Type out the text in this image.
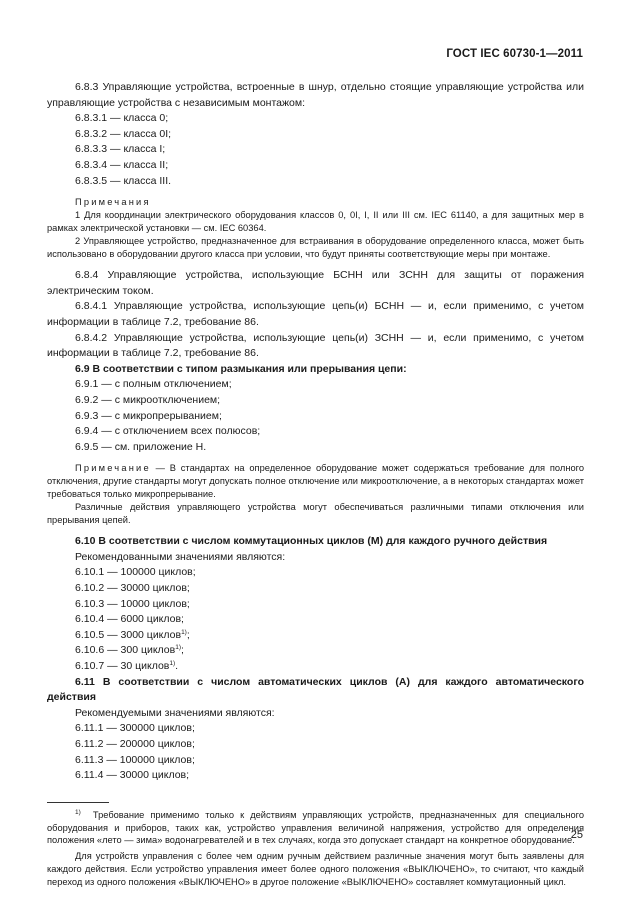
ГОСТ IEC 60730-1—2011

6.8.3 Управляющие устройства, встроенные в шнур, отдельно стоящие управляющие устройства или управляющие устройства с независимым монтажом:

6.8.3.1 — класса 0;

6.8.3.2 — класса 0I;

6.8.3.3 — класса I;

6.8.3.4 — класса II;

6.8.3.5 — класса III.

Примечания

1 Для координации электрического оборудования классов 0, 0I, I, II или III см. IEC 61140, а для защитных мер в рамках электрической установки — см. IEC 60364.

2 Управляющее устройство, предназначенное для встраивания в оборудование определенного класса, может быть использовано в оборудовании другого класса при условии, что будут приняты соответствующие меры при монтаже.

6.8.4 Управляющие устройства, использующие БСНН или ЗСНН для защиты от поражения электрическим током.

6.8.4.1 Управляющие устройства, использующие цепь(и) БСНН — и, если применимо, с учетом информации в таблице 7.2, требование 86.

6.8.4.2 Управляющие устройства, использующие цепь(и) ЗСНН — и, если применимо, с учетом информации в таблице 7.2, требование 86.

6.9 В соответствии с типом размыкания или прерывания цепи:

6.9.1 — с полным отключением;

6.9.2 — с микроотключением;

6.9.3 — с микропрерыванием;

6.9.4 — с отключением всех полюсов;

6.9.5 — см. приложение Н.

Примечание — В стандартах на определенное оборудование может содержаться требование для полного отключения, другие стандарты могут допускать полное отключение или микроотключение, а в некоторых стандартах может требоваться только микропрерывание.

Различные действия управляющего устройства могут обеспечиваться различными типами отключения или прерывания цепей.

6.10 В соответствии с числом коммутационных циклов (М) для каждого ручного действия

Рекомендованными значениями являются:

6.10.1 — 100000 циклов;

6.10.2 — 30000 циклов;

6.10.3 — 10000 циклов;

6.10.4 — 6000 циклов;

6.10.5 — 3000 циклов$^{1)}$;

6.10.6 — 300 циклов$^{1)}$;

6.10.7 — 30 циклов$^{1)}$.

6.11 В соответствии с числом автоматических циклов (А) для каждого автоматического действия

Рекомендуемыми значениями являются:

6.11.1 — 300000 циклов;

6.11.2 — 200000 циклов;

6.11.3 — 100000 циклов;

6.11.4 — 30000 циклов;

$^{1)}$ Требование применимо только к действиям управляющих устройств, предназначенных для специального оборудования и приборов, таких как, устройство управления величиной напряжения, устройство для определения положения «лето — зима» водонагревателей и в тех случаях, когда это допускает стандарт на конкретное оборудование.

Для устройств управления с более чем одним ручным действием различные значения могут быть заявлены для каждого действия. Если устройство управления имеет более одного положения «ВЫКЛЮЧЕНО», то считают, что каждый переход из одного положения «ВЫКЛЮЧЕНО» в другое положение «ВЫКЛЮЧЕНО» составляет коммутационный цикл.

25
